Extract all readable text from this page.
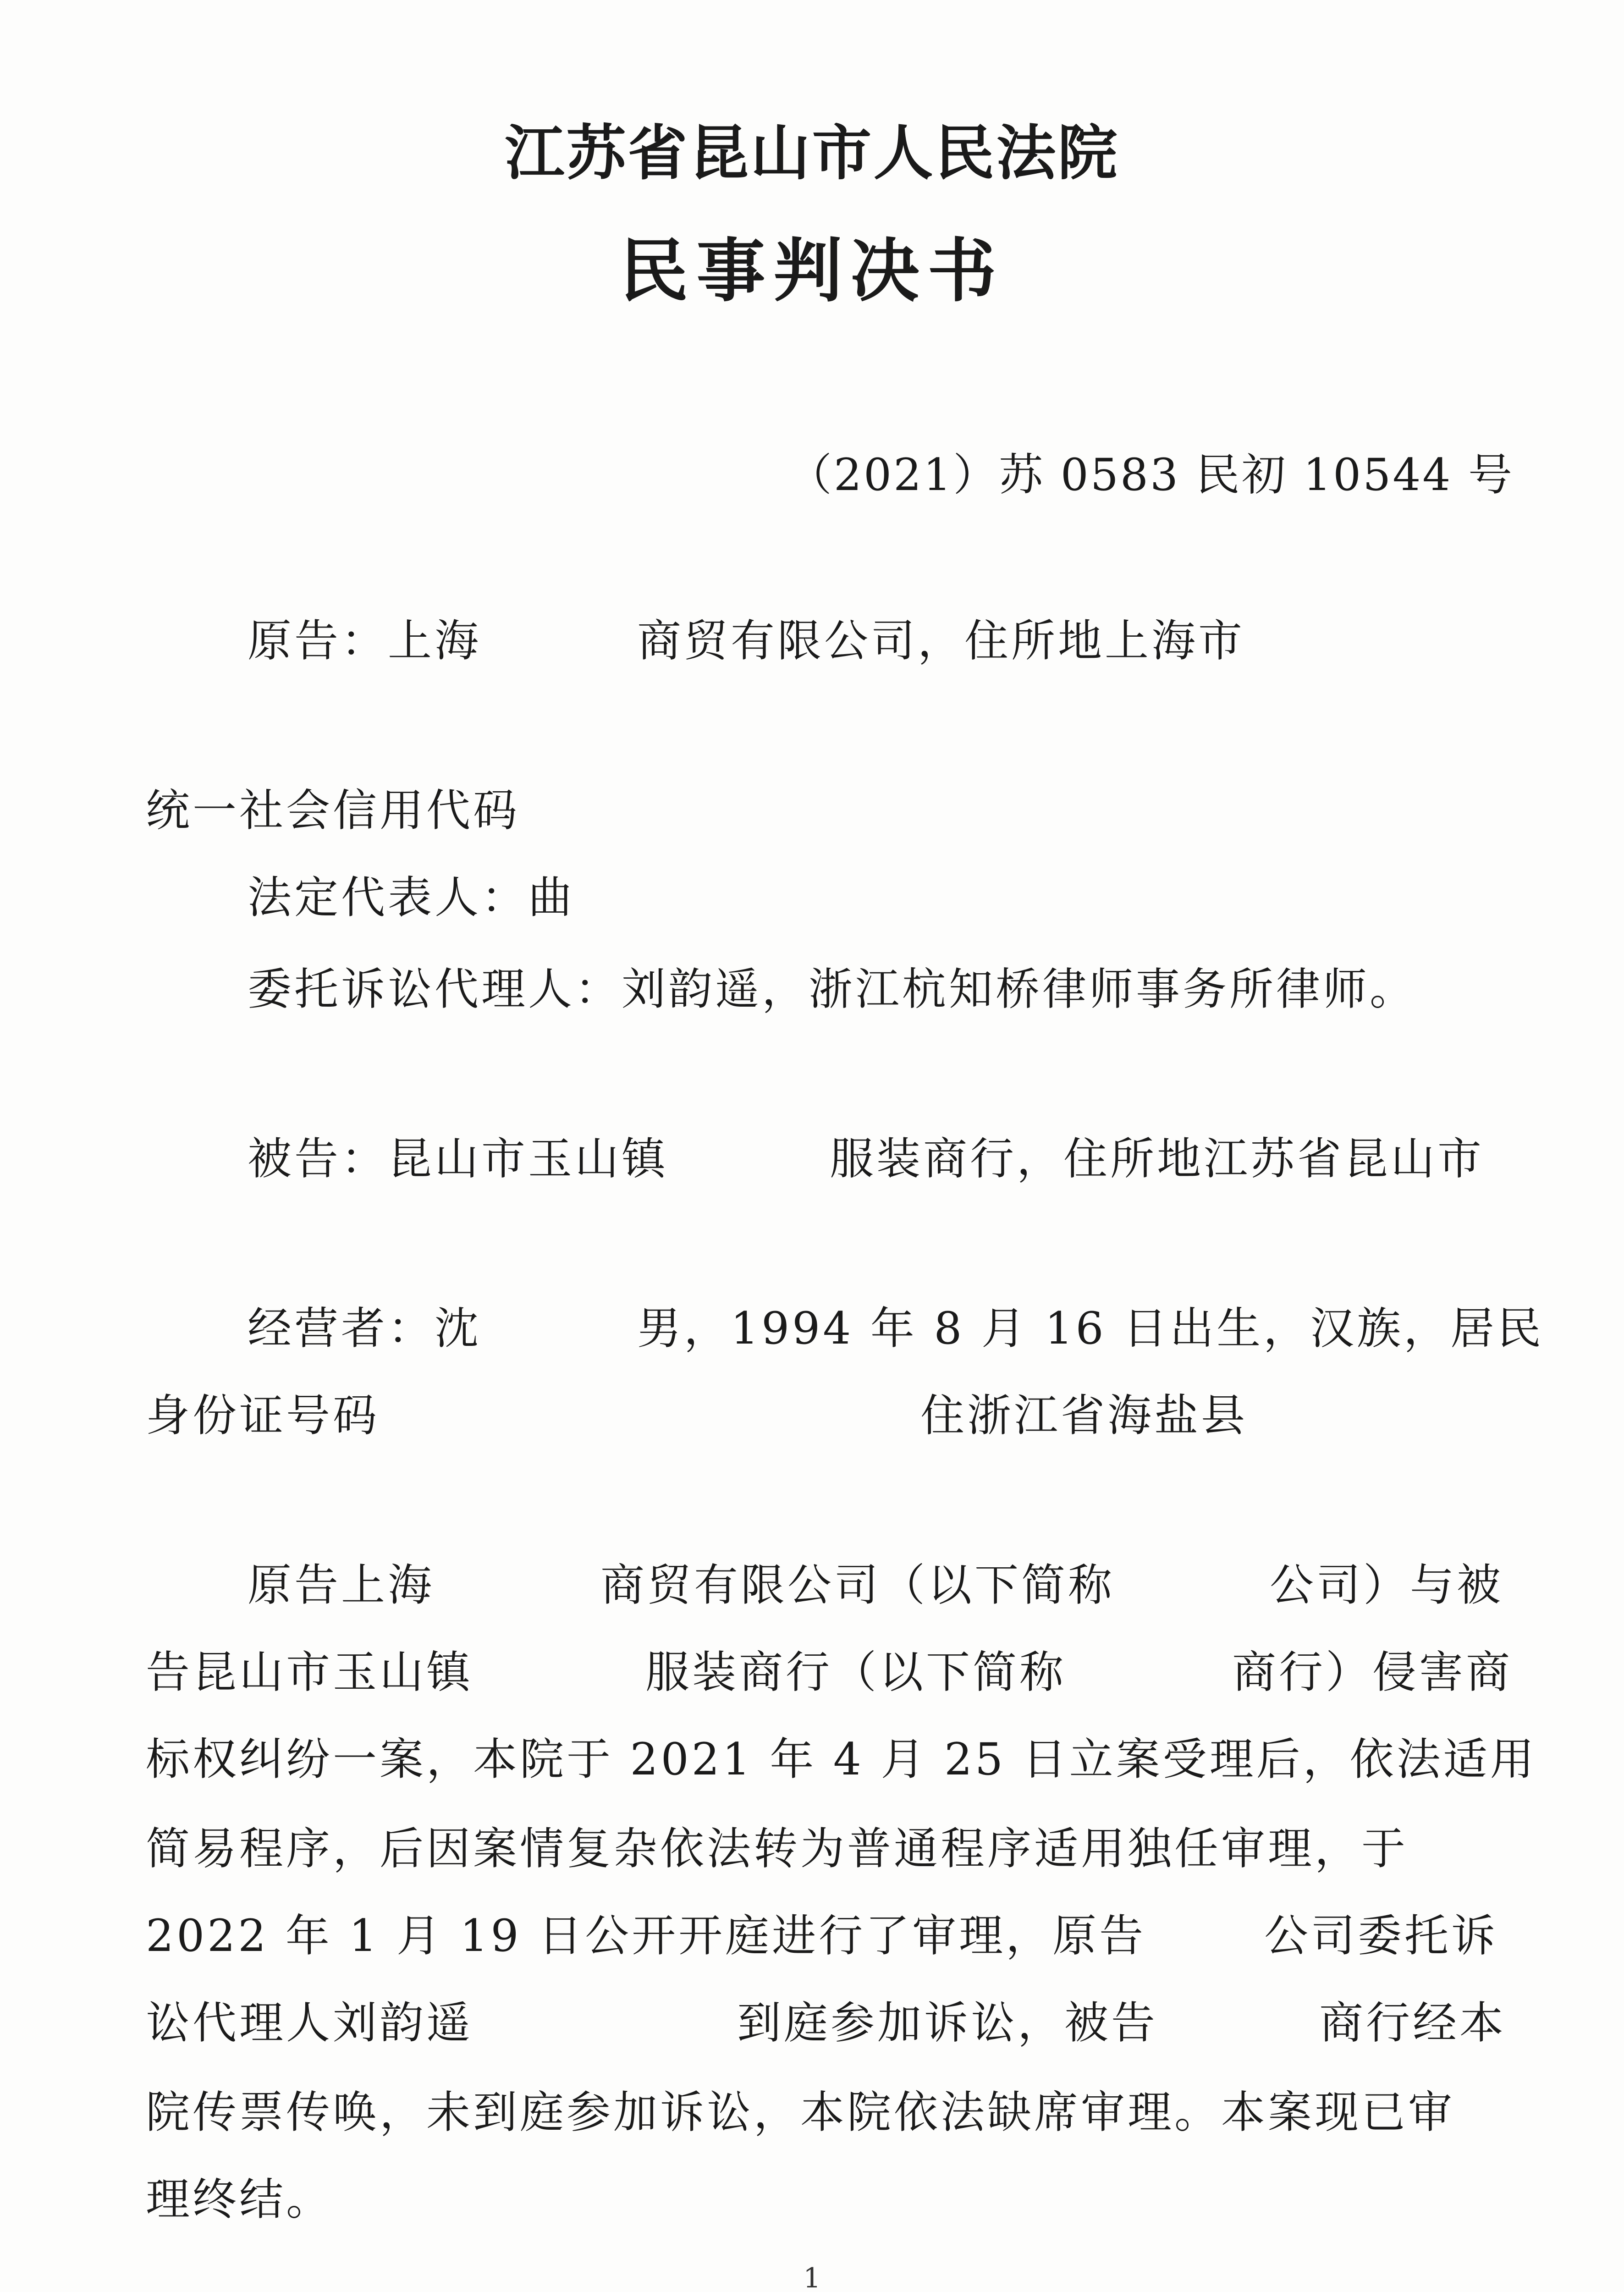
江苏省昆山市人民法院
民事判决书
（2021）苏 0583 民初 10544 号
原告：上海	商贸有限公司，住所地上海市
统一社会信用代码
法定代表人：曲
委托诉讼代理人：刘韵遥，浙江杭知桥律师事务所律师。
被告：昆山市玉山镇	服装商行，住所地江苏省昆山市
经营者：沈	男，1994 年 8 月 16 日出生，汉族，居民
身份证号码	住浙江省海盐县
原告上海	商贸有限公司（以下简称	公司）与被
告昆山市玉山镇	服装商行（以下简称	商行）侵害商
标权纠纷一案，本院于 2021 年 4 月 25 日立案受理后，依法适用
简易程序，后因案情复杂依法转为普通程序适用独任审理，于
2022 年 1 月 19 日公开开庭进行了审理，原告	公司委托诉
讼代理人刘韵遥	到庭参加诉讼，被告	商行经本
院传票传唤，未到庭参加诉讼，本院依法缺席审理。本案现已审
理终结。
1
